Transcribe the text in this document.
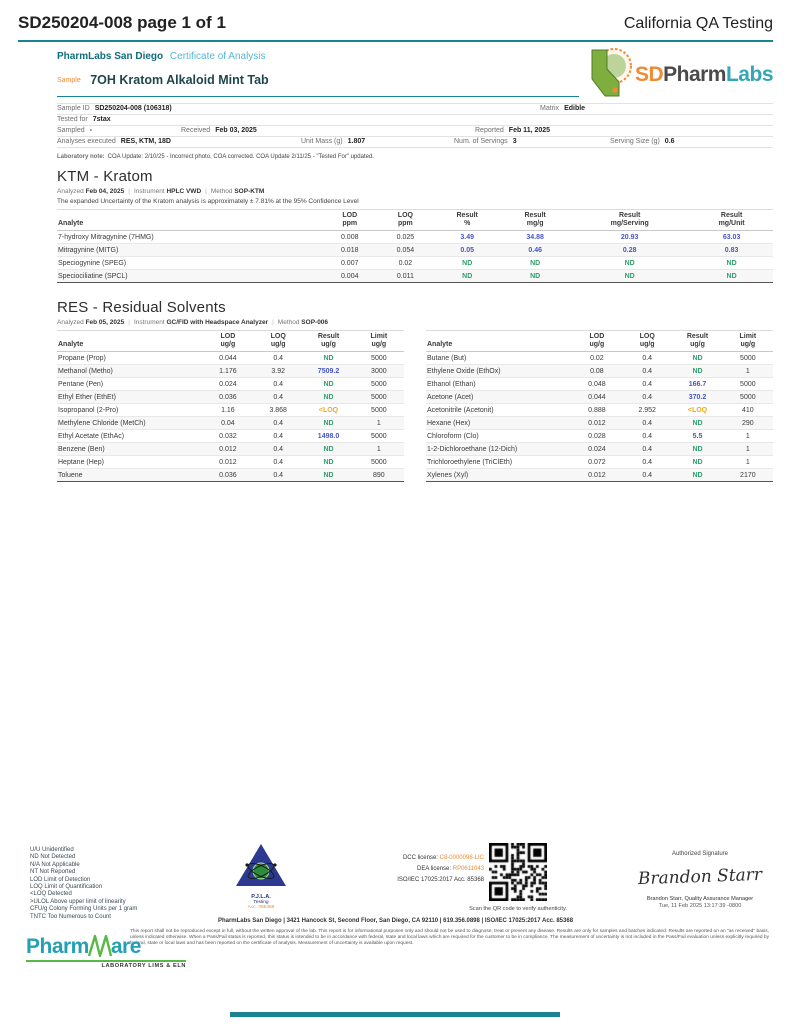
SD250204-008 page 1 of 1	California QA Testing
PharmLabs San Diego Certificate of Analysis
Sample 7OH Kratom Alkaloid Mint Tab	SDPharmLabs
Sample ID SD250204-008 (106318)	Matrix Edible
Tested for 7stax
Sampled -	Received Feb 03, 2025	Reported Feb 11, 2025
Analyses executed RES, KTM, 18D	Unit Mass (g) 1.807	Num. of Servings 3	Serving Size (g) 0.6
Laboratory note: COA Update: 2/10/25 - Incorrect photo, COA corrected. COA Update 2/11/25 - "Tested For" updated.
KTM - Kratom
Analyzed Feb 04, 2025 | Instrument HPLC VWD | Method SOP-KTM
The expanded Uncertainty of the Kratom analysis is approximately ± 7.81% at the 95% Confidence Level
Analyte

LOD
ppm

LOQ
ppm

Result
%

Result
mg/g

Result
mg/Serving

Result
mg/Unit

7-hydroxy Mitragynine (7HMG)	0.008	0.025	3.49	34.88	20.93	63.03
Mitragynine (MITG)	0.018	0.054	0.05	0.46	0.28	0.83
Speciogynine (SPEG)	0.007	0.02	ND	ND	ND	ND
Speciociliatine (SPCL)	0.004	0.011	ND	ND	ND	ND
RES - Residual Solvents
Analyzed Feb 05, 2025 | Instrument GC/FID with Headspace Analyzer | Method SOP-006
Analyte

LOD
ug/g

LOQ
ug/g

Result
ug/g

Limit
ug/g

Propane (Prop)	0.044	0.4	ND	5000
Methanol (Metho)	1.176	3.92	7509.2	3000
Pentane (Pen)	0.024	0.4	ND	5000
Ethyl Ether (EthEt)	0.036	0.4	ND	5000
Isopropanol (2-Pro)	1.16	3.868	<LOQ	5000
Methylene Chloride (MetCh)	0.04	0.4	ND	1
Ethyl Acetate (EthAc)	0.032	0.4	1498.0	5000
Benzene (Ben)	0.012	0.4	ND	1
Heptane (Hep)	0.012	0.4	ND	5000
Toluene	0.036	0.4	ND	890
Analyte

LOD
ug/g

LOQ
ug/g

Result
ug/g

Limit
ug/g

Butane (But)	0.02	0.4	ND	5000
Ethylene Oxide (EthOx)	0.08	0.4	ND	1
Ethanol (Ethan)	0.048	0.4	166.7	5000
Acetone (Acet)	0.044	0.4	370.2	5000
Acetonitrile (Acetonit)	0.888	2.952	<LOQ	410
Hexane (Hex)	0.012	0.4	ND	290
Chloroform (Clo)	0.028	0.4	5.5	1
1-2-Dichloroethane (12-Dich)	0.024	0.4	ND	1
Trichloroethylene (TriClEth)	0.072	0.4	ND	1
Xylenes (Xyl)	0.012	0.4	ND	2170
U/U Unidentified
ND Not Detected
N/A Not Applicable
NT Not Reported
LOD Limit of Detection
LOQ Limit of Quantification
<LOQ Detected
>ULOL Above upper limit of linearity
CFU/g Colony Forming Units per 1 gram
TNTC Too Numerous to Count
P.J.L.A.
Testing
Acc. #85368
DCC license: C8-0000098-LIC
DEA license: RP0611043
ISO/IEC 17025:2017 Acc. 85368
Scan the QR code to verify authenticity.
Authorized Signature
Brandon Starr
Brandon Starr, Quality Assurance Manager
Tue, 11 Feb 2025 13:17:39 -0800
PharmLabs San Diego | 3421 Hancock St, Second Floor, San Diego, CA 92110 | 619.356.0898 | ISO/IEC 17025:2017 Acc. 85368
This report shall not be reproduced except in full, without the written approval of the lab. This report is for informational purposes only and should not be used to diagnose, treat or prevent any disease. Results are only for samples and batches indicated. Results are reported on an "as received" basis, unless indicated otherwise. When a Pass/Fail status is reported, this status is intended to be in accordance with federal, state and local laws which are required for the customer to be in compliance. The measurement of uncertainty is not included in the Pass/Fail evaluation unless explicitly required by federal, state or local laws and has been reported on the certificate of analysis. Measurement of uncertainty is available upon request.
Pharm are
LABORATORY LIMS & ELN
